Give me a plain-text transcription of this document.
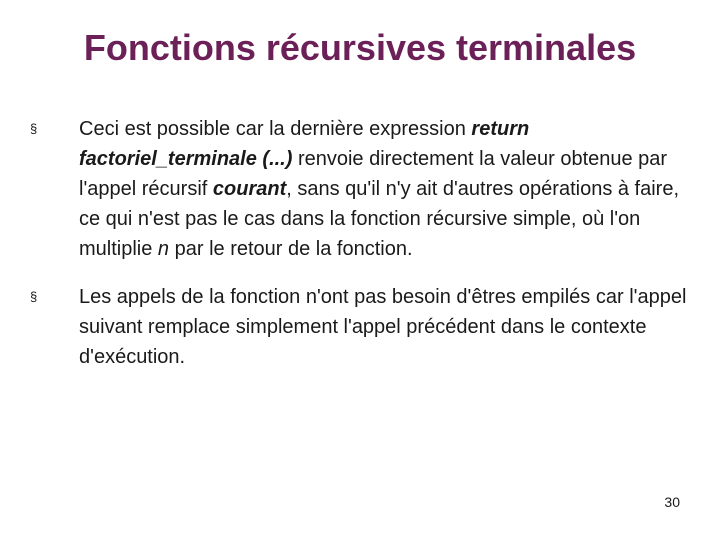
Fonctions récursives terminales
§ Ceci est possible car la dernière expression return factoriel_terminale (...) renvoie directement la valeur obtenue par l'appel récursif courant, sans qu'il n'y ait d'autres opérations à faire, ce qui n'est pas le cas dans la fonction récursive simple, où l'on multiplie n par le retour de la fonction.
§ Les appels de la fonction n'ont pas besoin d'êtres empilés car l'appel suivant remplace simplement l'appel précédent dans le contexte d'exécution.
30
